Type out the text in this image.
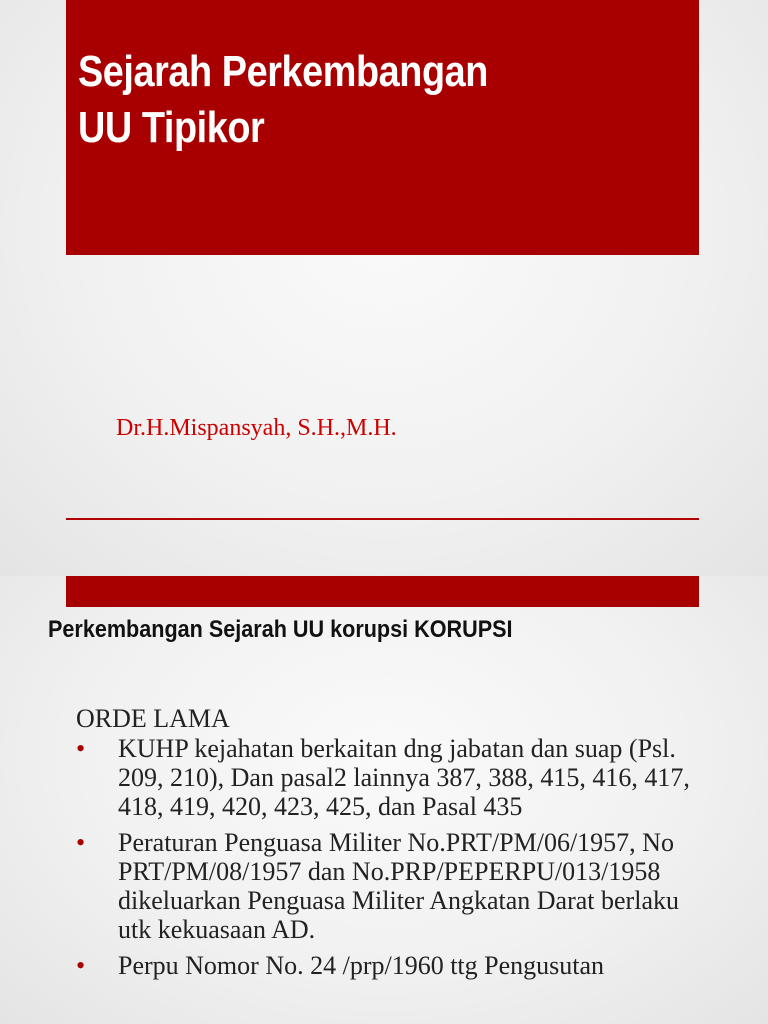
Sejarah Perkembangan
UU Tipikor

Dr.H.Mispansyah, S.H.,M.H.

Perkembangan Sejarah UU korupsi KORUPSI

ORDE LAMA

• KUHP kejahatan berkaitan dng jabatan dan suap (Psl. 209, 210), Dan pasal2 lainnya 387, 388, 415, 416, 417, 418, 419, 420, 423, 425, dan Pasal 435
• Peraturan Penguasa Militer No.PRT/PM/06/1957, No PRT/PM/08/1957 dan No.PRP/PEPERPU/013/1958 dikeluarkan Penguasa Militer Angkatan Darat berlaku utk kekuasaan AD.
• Perpu Nomor No. 24 /prp/1960 ttg Pengusutan
